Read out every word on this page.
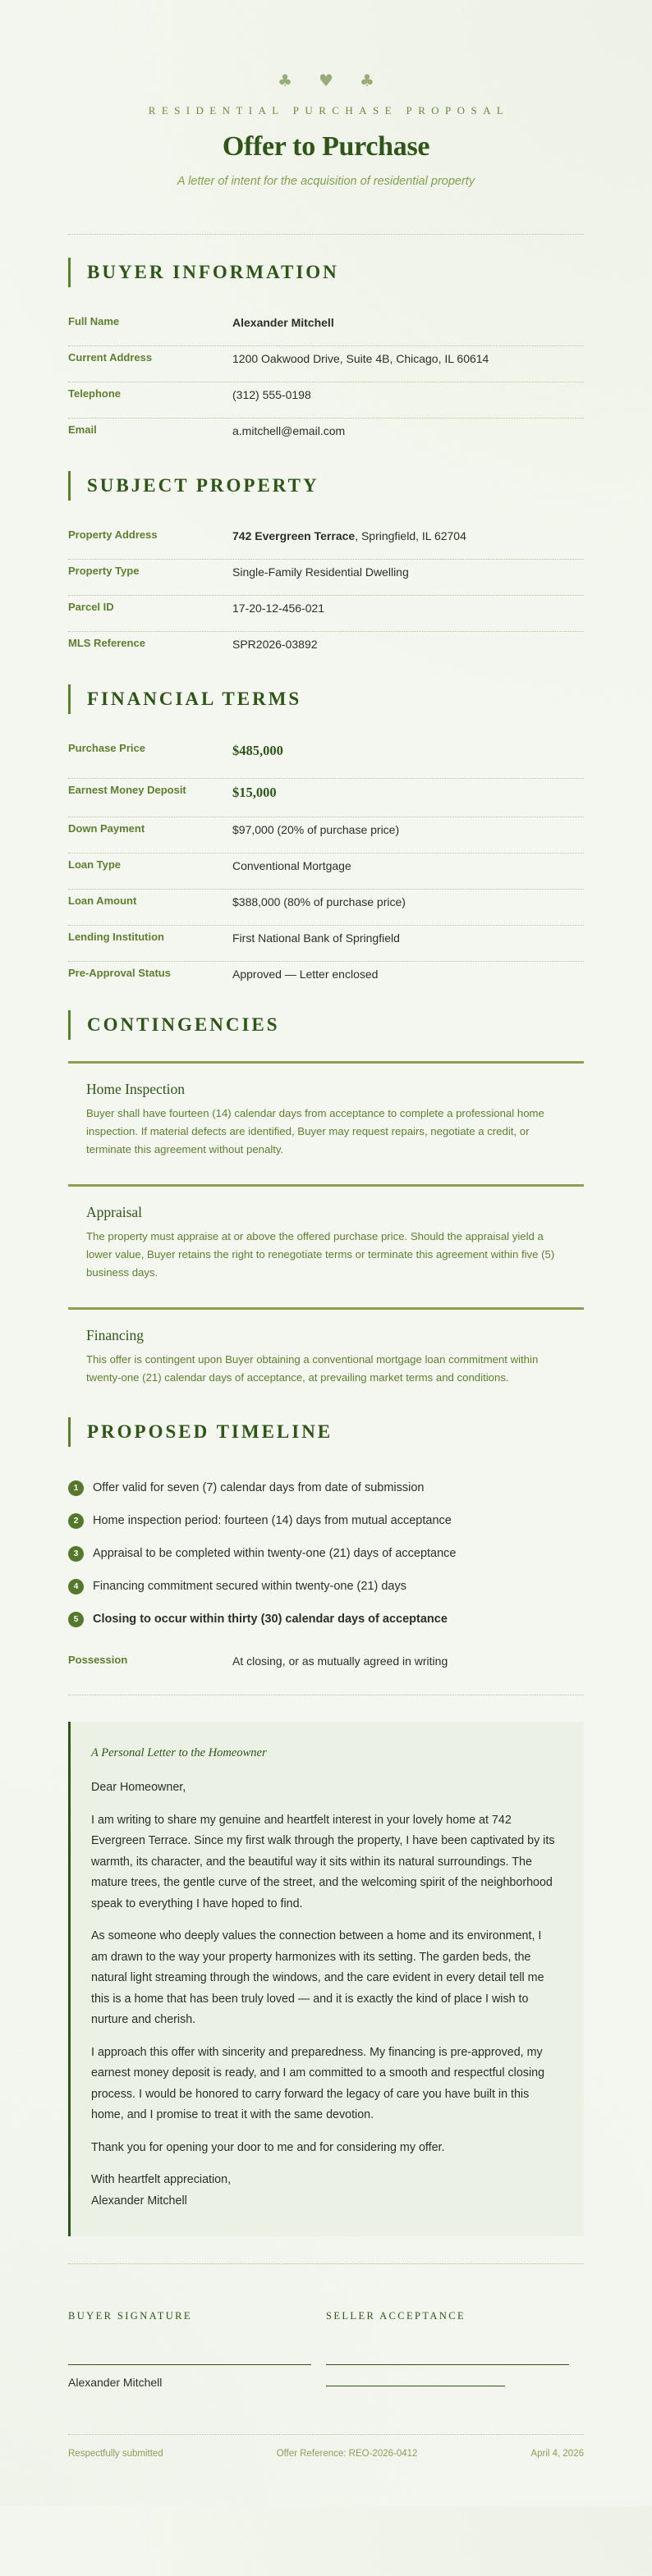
♣ ♥ ♣
RESIDENTIAL PURCHASE PROPOSAL
Offer to Purchase
A letter of intent for the acquisition of residential property
BUYER INFORMATION
Full Name	Alexander Mitchell
Current Address	1200 Oakwood Drive, Suite 4B, Chicago, IL 60614
Telephone	(312) 555-0198
Email	a.mitchell@email.com
SUBJECT PROPERTY
Property Address	742 Evergreen Terrace, Springfield, IL 62704
Property Type	Single-Family Residential Dwelling
Parcel ID	17-20-12-456-021
MLS Reference	SPR2026-03892
FINANCIAL TERMS
Purchase Price	$485,000
Earnest Money Deposit	$15,000
Down Payment	$97,000 (20% of purchase price)
Loan Type	Conventional Mortgage
Loan Amount	$388,000 (80% of purchase price)
Lending Institution	First National Bank of Springfield
Pre-Approval Status	Approved — Letter enclosed
CONTINGENCIES
Home Inspection

Buyer shall have fourteen (14) calendar days from acceptance to complete a professional home inspection. If material defects are identified, Buyer may request repairs, negotiate a credit, or terminate this agreement without penalty.

Appraisal

The property must appraise at or above the offered purchase price. Should the appraisal yield a lower value, Buyer retains the right to renegotiate terms or terminate this agreement within five (5) business days.

Financing

This offer is contingent upon Buyer obtaining a conventional mortgage loan commitment within twenty-one (21) calendar days of acceptance, at prevailing market terms and conditions.

PROPOSED TIMELINE
1	Offer valid for seven (7) calendar days from date of submission
2	Home inspection period: fourteen (14) days from mutual acceptance
3	Appraisal to be completed within twenty-one (21) days of acceptance
4	Financing commitment secured within twenty-one (21) days
5	Closing to occur within thirty (30) calendar days of acceptance
Possession	At closing, or as mutually agreed in writing
A Personal Letter to the Homeowner

Dear Homeowner,

I am writing to share my genuine and heartfelt interest in your lovely home at 742 Evergreen Terrace. Since my first walk through the property, I have been captivated by its warmth, its character, and the beautiful way it sits within its natural surroundings. The mature trees, the gentle curve of the street, and the welcoming spirit of the neighborhood speak to everything I have hoped to find.

As someone who deeply values the connection between a home and its environment, I am drawn to the way your property harmonizes with its setting. The garden beds, the natural light streaming through the windows, and the care evident in every detail tell me this is a home that has been truly loved — and it is exactly the kind of place I wish to nurture and cherish.

I approach this offer with sincerity and preparedness. My financing is pre-approved, my earnest money deposit is ready, and I am committed to a smooth and respectful closing process. I would be honored to carry forward the legacy of care you have built in this home, and I promise to treat it with the same devotion.

Thank you for opening your door to me and for considering my offer.

With heartfelt appreciation,

Alexander Mitchell

BUYER SIGNATURE
Alexander Mitchell
SELLER ACCEPTANCE
Respectfully submitted	Offer Reference: REO-2026-0412	April 4, 2026
